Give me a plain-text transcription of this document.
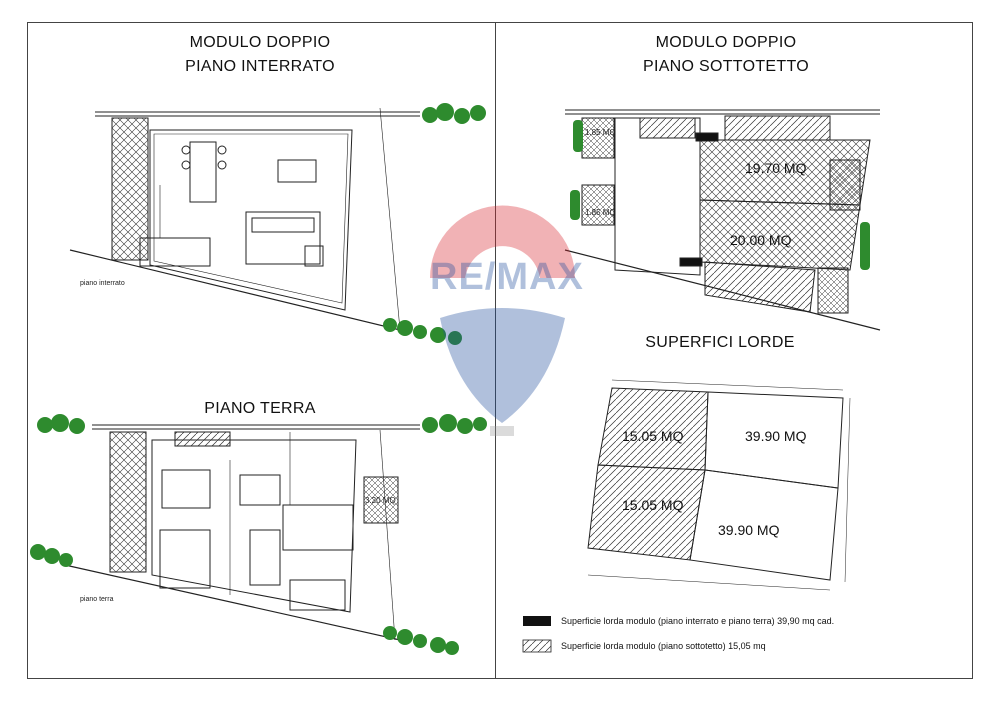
MODULO DOPPIO
PIANO INTERRATO
MODULO DOPPIO
PIANO SOTTOTETTO
PIANO TERRA
SUPERFICI LORDE
RE/MAX
piano interrato
piano terra
19.70 MQ
20.00 MQ
1.85 MQ
1.85 MQ
3.20 MQ
15.05 MQ	39.90 MQ
15.05 MQ
39.90 MQ
Superficie lorda modulo (piano interrato e piano terra) 39,90 mq cad.
Superficie lorda modulo (piano sottotetto) 15,05 mq
